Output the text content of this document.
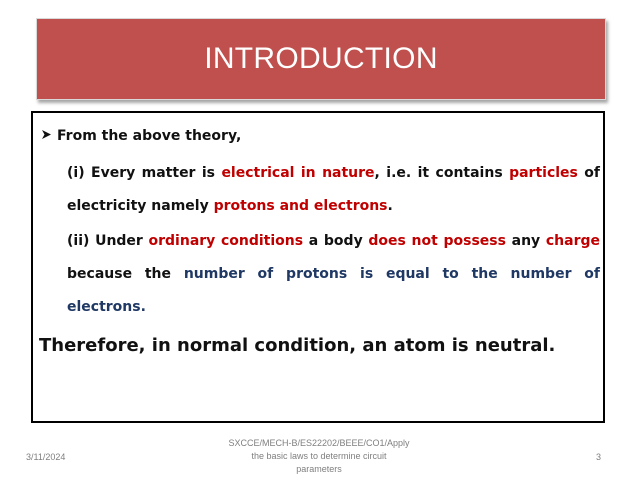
INTRODUCTION
From the above theory,
(i) Every matter is electrical in nature, i.e. it contains particles of electricity namely protons and electrons.
(ii) Under ordinary conditions a body does not possess any charge because the number of protons is equal to the number of electrons.
Therefore, in normal condition, an atom is neutral.
3/11/2024
SXCCE/MECH-B/ES22202/BEEE/CO1/Apply
the basic laws to determine circuit
parameters
3
